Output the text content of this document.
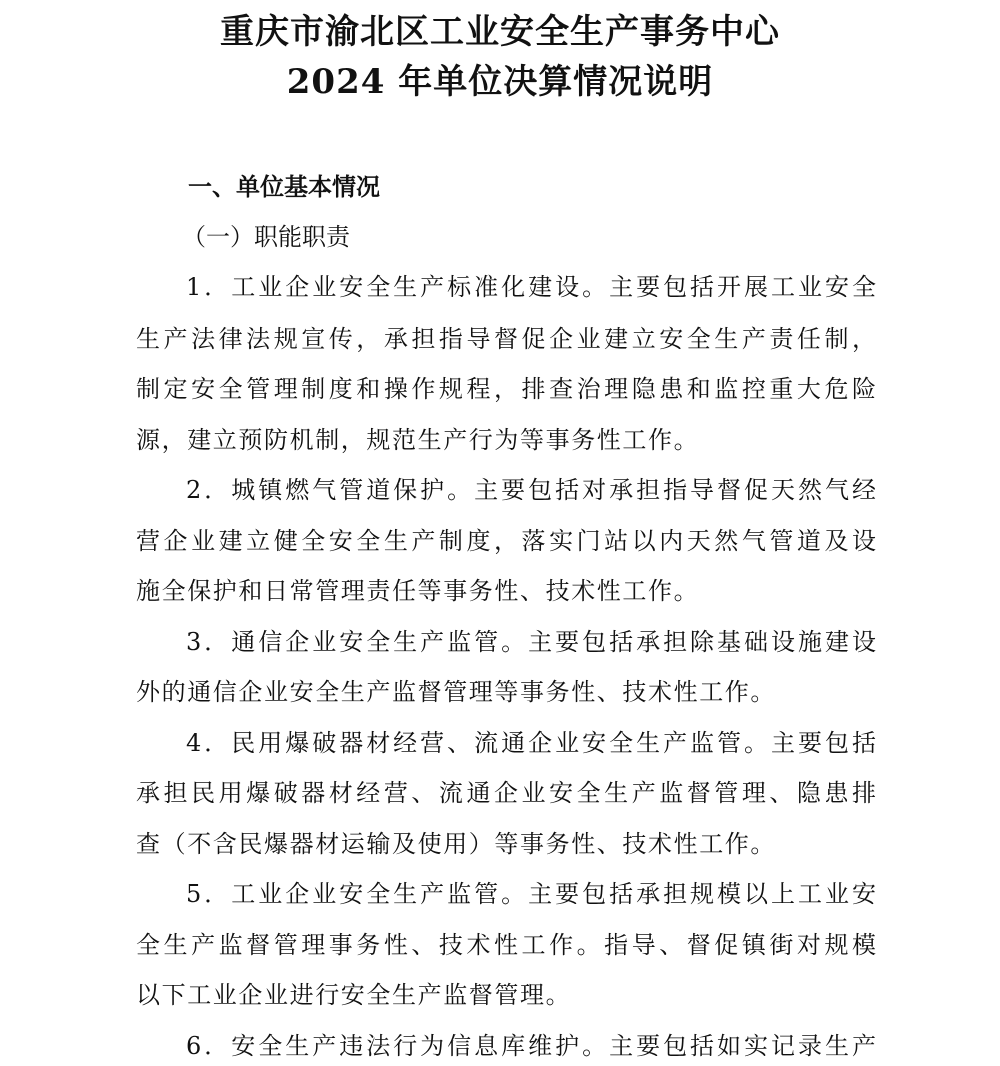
重庆市渝北区工业安全生产事务中心
2024 年单位决算情况说明
一、单位基本情况
（一）职能职责
1．工业企业安全生产标准化建设。主要包括开展工业安全
生产法律法规宣传，承担指导督促企业建立安全生产责任制，
制定安全管理制度和操作规程，排查治理隐患和监控重大危险
源，建立预防机制，规范生产行为等事务性工作。
2．城镇燃气管道保护。主要包括对承担指导督促天然气经
营企业建立健全安全生产制度，落实门站以内天然气管道及设
施全保护和日常管理责任等事务性、技术性工作。
3．通信企业安全生产监管。主要包括承担除基础设施建设
外的通信企业安全生产监督管理等事务性、技术性工作。
4．民用爆破器材经营、流通企业安全生产监管。主要包括
承担民用爆破器材经营、流通企业安全生产监督管理、隐患排
查（不含民爆器材运输及使用）等事务性、技术性工作。
5．工业企业安全生产监管。主要包括承担规模以上工业安
全生产监督管理事务性、技术性工作。指导、督促镇街对规模
以下工业企业进行安全生产监督管理。
6．安全生产违法行为信息库维护。主要包括如实记录生产
